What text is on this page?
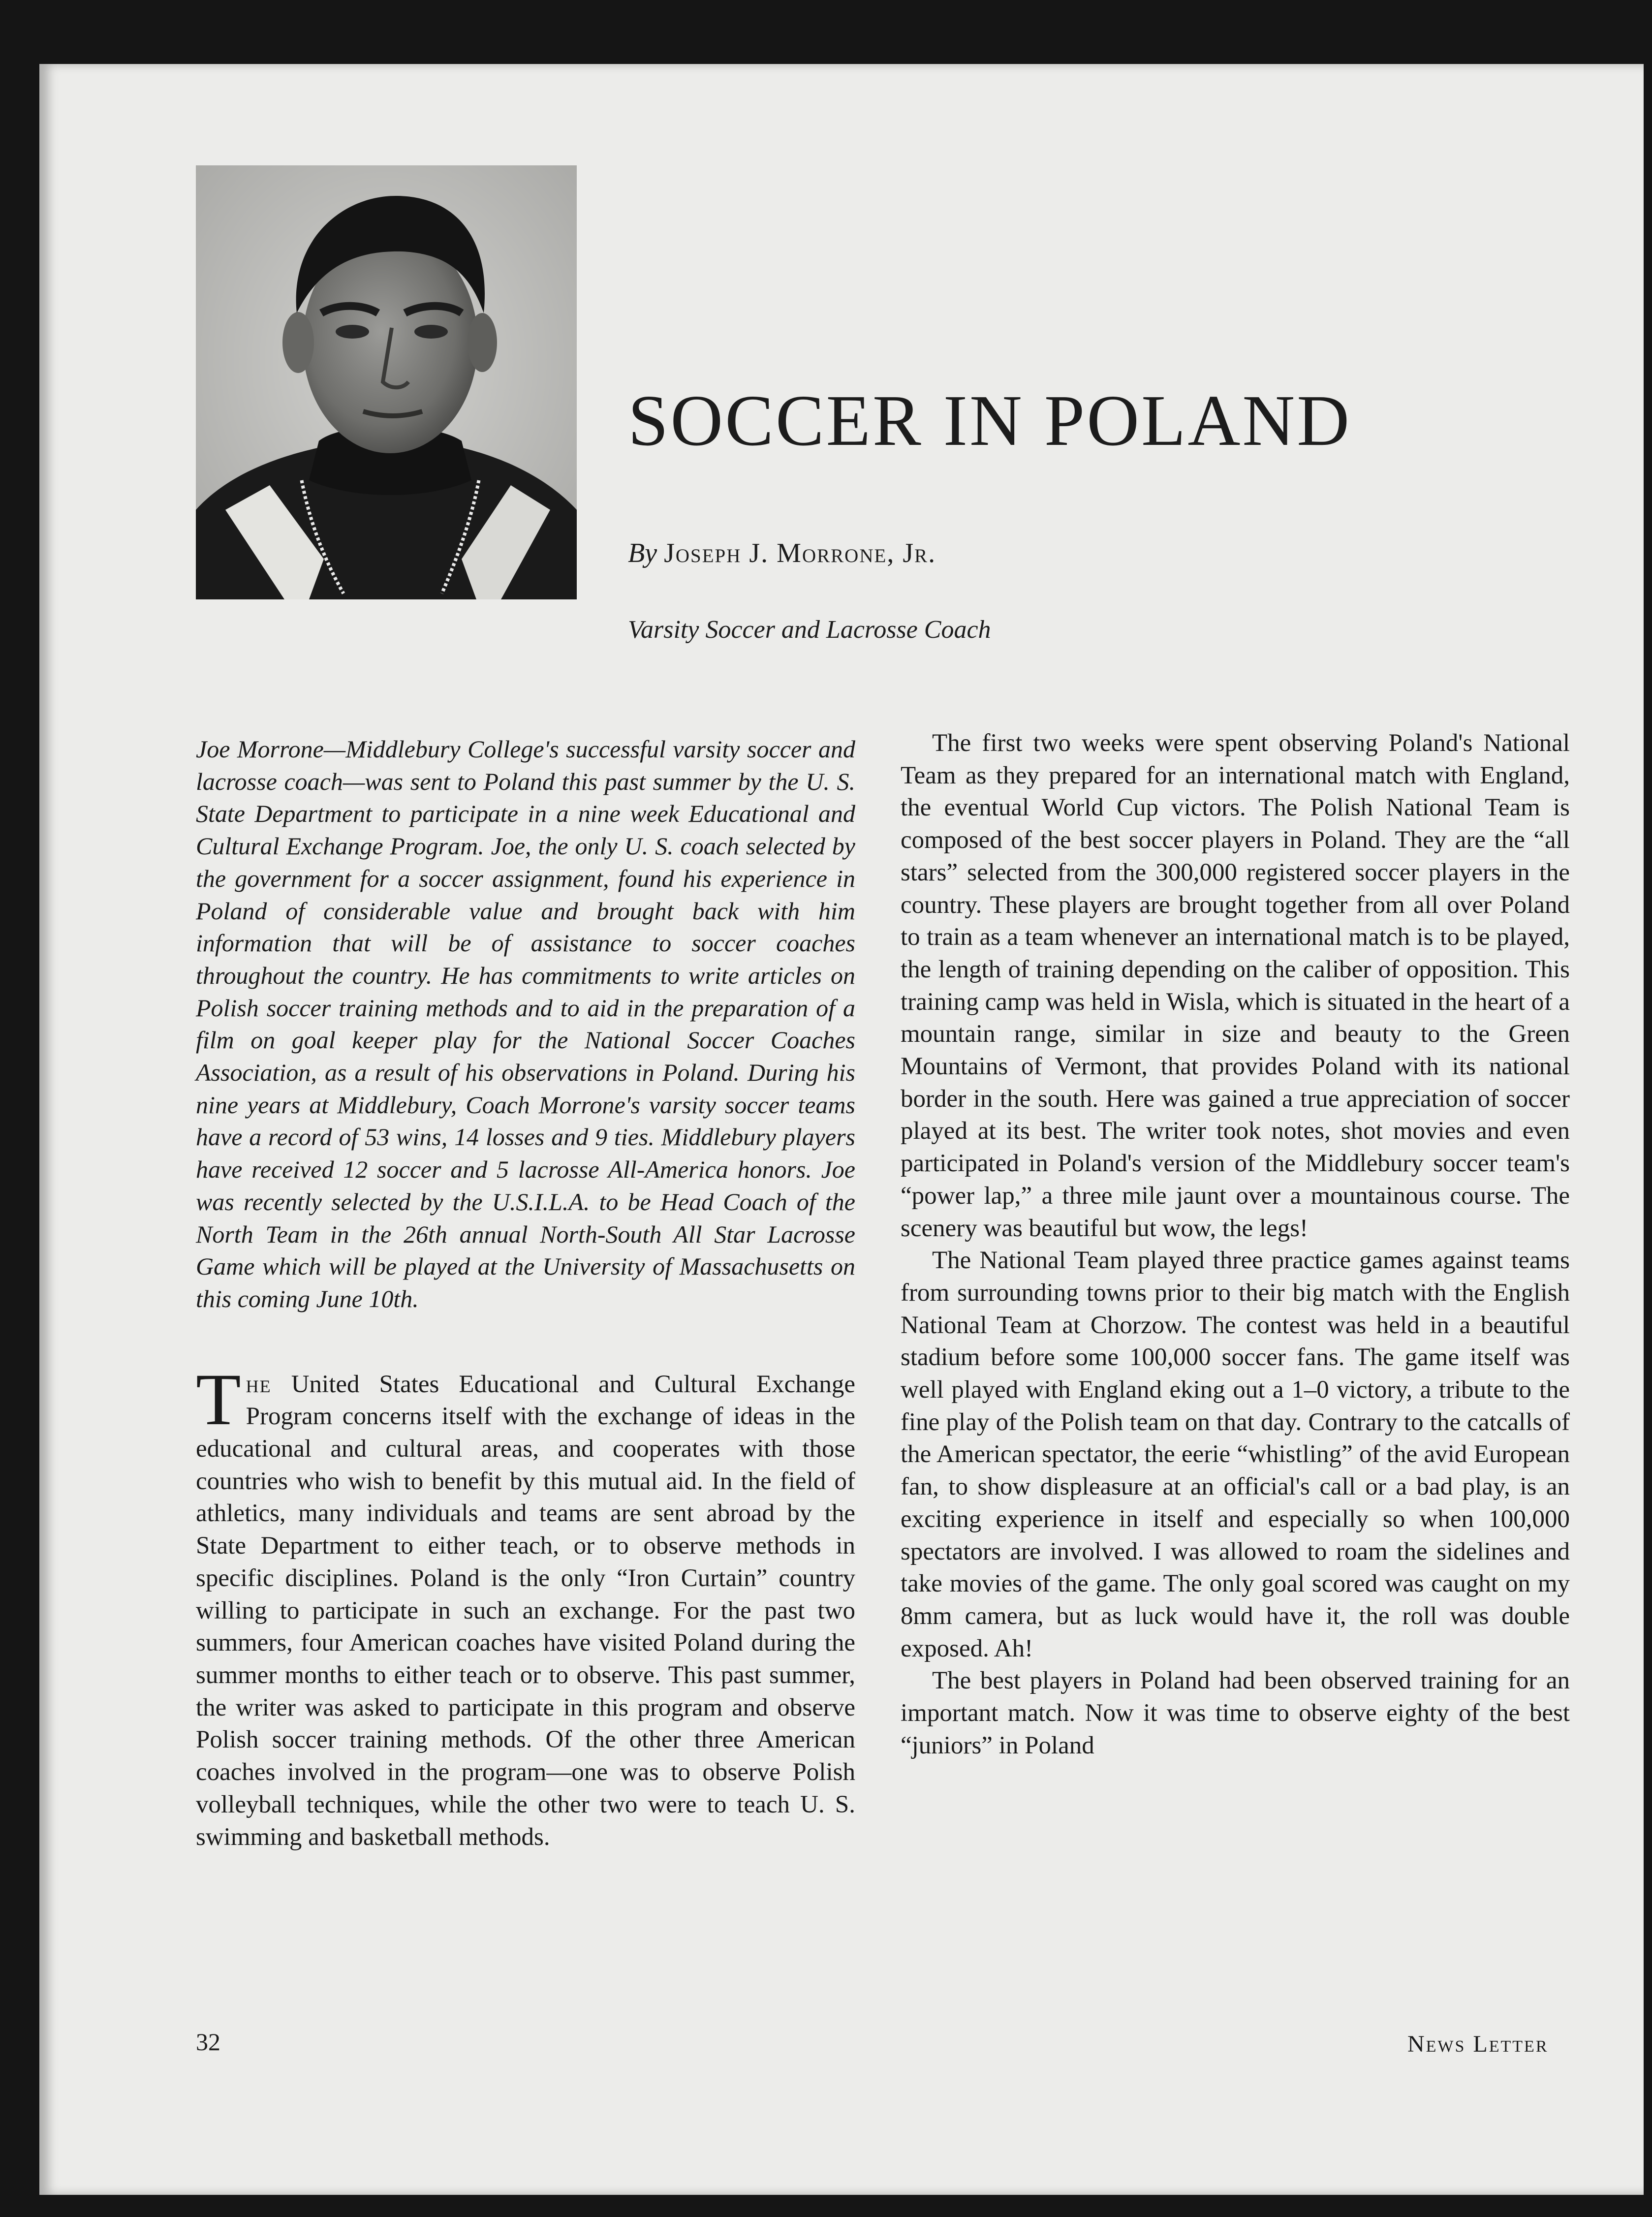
SOCCER IN POLAND
By Joseph J. Morrone, Jr.
Varsity Soccer and Lacrosse Coach

Joe Morrone—Middlebury College's successful varsity soccer and lacrosse coach—was sent to Poland this past summer by the U. S. State Department to participate in a nine week Educational and Cultural Exchange Program. Joe, the only U. S. coach selected by the government for a soccer assignment, found his experience in Poland of considerable value and brought back with him information that will be of assistance to soccer coaches throughout the country. He has commitments to write articles on Polish soccer training methods and to aid in the preparation of a film on goal keeper play for the National Soccer Coaches Association, as a result of his observations in Poland. During his nine years at Middlebury, Coach Morrone's varsity soccer teams have a record of 53 wins, 14 losses and 9 ties. Middlebury players have received 12 soccer and 5 lacrosse All-America honors. Joe was recently selected by the U.S.I.L.A. to be Head Coach of the North Team in the 26th annual North-South All Star Lacrosse Game which will be played at the University of Massachusetts on this coming June 10th.

The United States Educational and Cultural Exchange Program concerns itself with the exchange of ideas in the educational and cultural areas, and cooperates with those countries who wish to benefit by this mutual aid. In the field of athletics, many individuals and teams are sent abroad by the State Department to either teach, or to observe methods in specific disciplines. Poland is the only “Iron Curtain” country willing to participate in such an exchange. For the past two summers, four American coaches have visited Poland during the summer months to either teach or to observe. This past summer, the writer was asked to participate in this program and observe Polish soccer training methods. Of the other three American coaches involved in the program—one was to observe Polish volleyball techniques, while the other two were to teach U. S. swimming and basketball methods.

The first two weeks were spent observing Poland's National Team as they prepared for an international match with England, the eventual World Cup victors. The Polish National Team is composed of the best soccer players in Poland. They are the “all stars” selected from the 300,000 registered soccer players in the country. These players are brought together from all over Poland to train as a team whenever an international match is to be played, the length of training depending on the caliber of opposition. This training camp was held in Wisla, which is situated in the heart of a mountain range, similar in size and beauty to the Green Mountains of Vermont, that provides Poland with its national border in the south. Here was gained a true appreciation of soccer played at its best. The writer took notes, shot movies and even participated in Poland's version of the Middlebury soccer team's “power lap,” a three mile jaunt over a mountainous course. The scenery was beautiful but wow, the legs!

The National Team played three practice games against teams from surrounding towns prior to their big match with the English National Team at Chorzow. The contest was held in a beautiful stadium before some 100,000 soccer fans. The game itself was well played with England eking out a 1–0 victory, a tribute to the fine play of the Polish team on that day. Contrary to the catcalls of the American spectator, the eerie “whistling” of the avid European fan, to show displeasure at an official's call or a bad play, is an exciting experience in itself and especially so when 100,000 spectators are involved. I was allowed to roam the sidelines and take movies of the game. The only goal scored was caught on my 8mm camera, but as luck would have it, the roll was double exposed. Ah!

The best players in Poland had been observed training for an important match. Now it was time to observe eighty of the best “juniors” in Poland

32	News Letter
